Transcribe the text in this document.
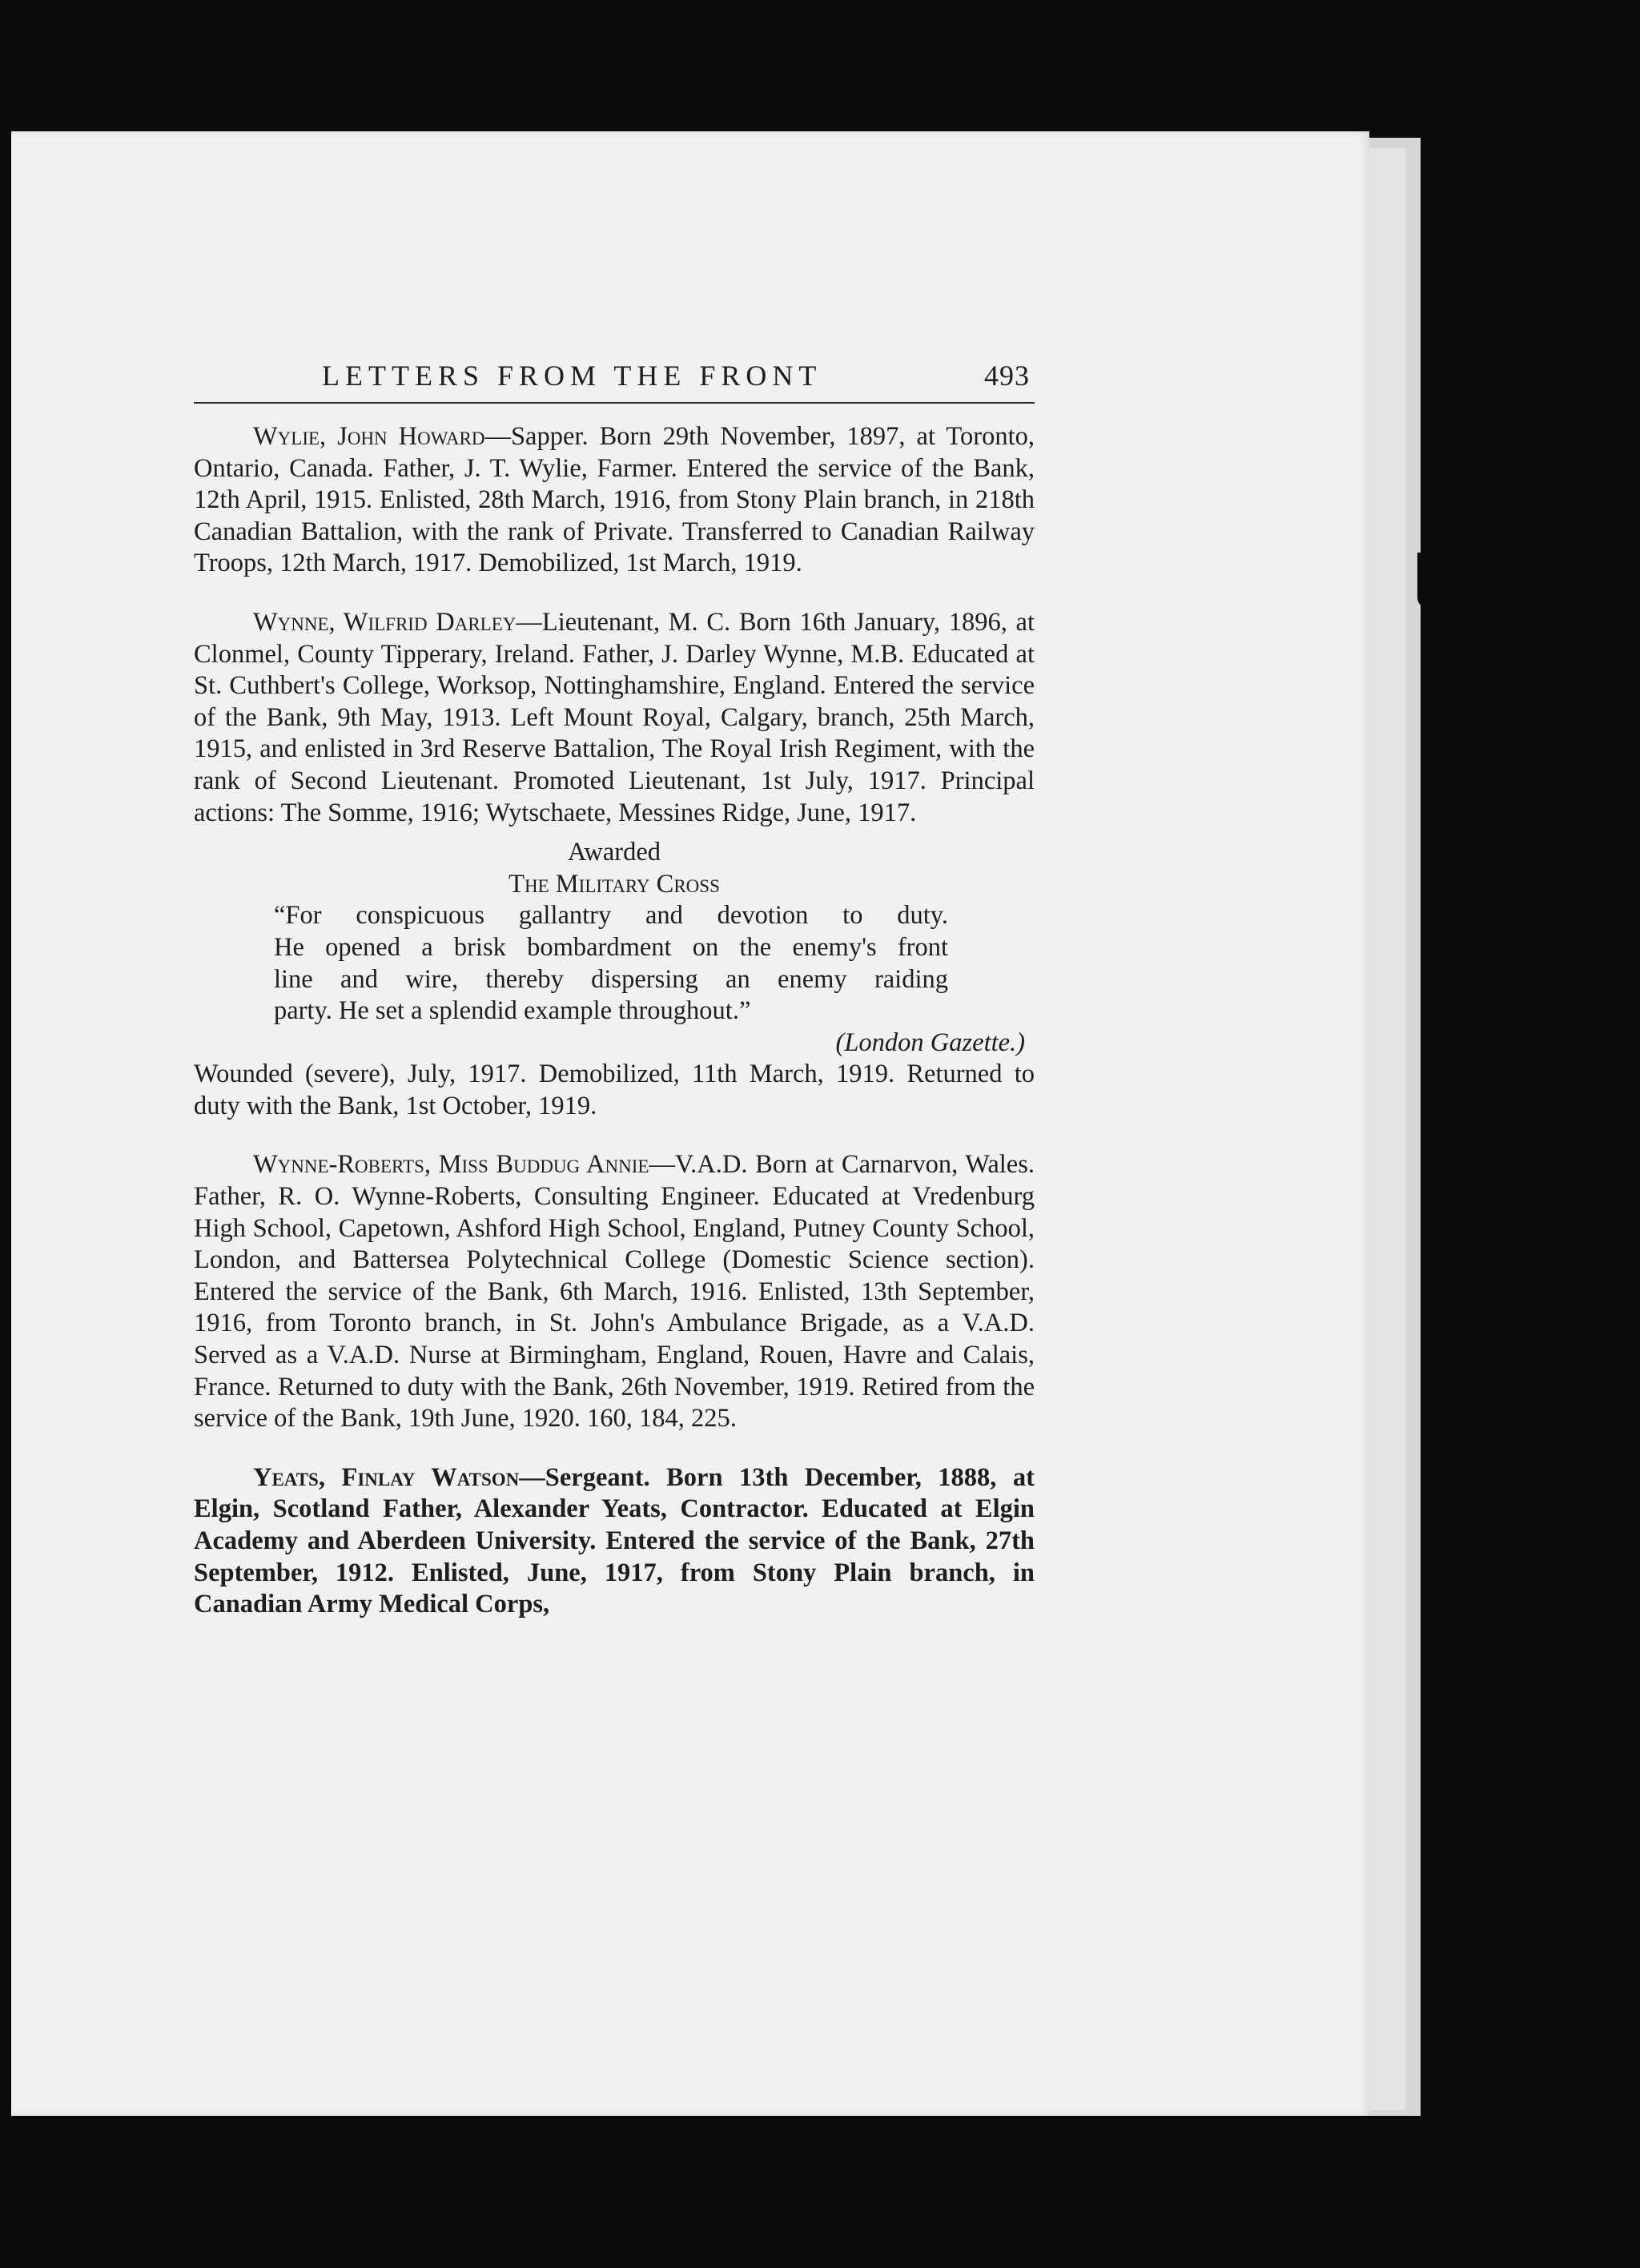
LETTERS FROM THE FRONT	493

Wylie, John Howard—Sapper. Born 29th November, 1897, at Toronto, Ontario, Canada. Father, J. T. Wylie, Farmer. Entered the service of the Bank, 12th April, 1915. Enlisted, 28th March, 1916, from Stony Plain branch, in 218th Canadian Battalion, with the rank of Private. Transferred to Canadian Railway Troops, 12th March, 1917. Demobilized, 1st March, 1919.

Wynne, Wilfrid Darley—Lieutenant, M. C. Born 16th January, 1896, at Clonmel, County Tipperary, Ireland. Father, J. Darley Wynne, M.B. Educated at St. Cuthbert's College, Worksop, Nottinghamshire, England. Entered the service of the Bank, 9th May, 1913. Left Mount Royal, Calgary, branch, 25th March, 1915, and enlisted in 3rd Reserve Battalion, The Royal Irish Regiment, with the rank of Second Lieutenant. Promoted Lieutenant, 1st July, 1917. Principal actions: The Somme, 1916; Wytschaete, Messines Ridge, June, 1917.

Awarded
The Military Cross
“For conspicuous gallantry and devotion to duty.
He opened a brisk bombardment on the enemy's front
line and wire, thereby dispersing an enemy raiding
party. He set a splendid example throughout.”
(London Gazette.)

Wounded (severe), July, 1917. Demobilized, 11th March, 1919. Returned to duty with the Bank, 1st October, 1919.

Wynne-Roberts, Miss Buddug Annie—V.A.D. Born at Carnarvon, Wales. Father, R. O. Wynne-Roberts, Consulting Engineer. Educated at Vredenburg High School, Capetown, Ashford High School, England, Putney County School, London, and Battersea Polytechnical College (Domestic Science section). Entered the service of the Bank, 6th March, 1916. Enlisted, 13th September, 1916, from Toronto branch, in St. John's Ambulance Brigade, as a V.A.D. Served as a V.A.D. Nurse at Birmingham, England, Rouen, Havre and Calais, France. Returned to duty with the Bank, 26th November, 1919. Retired from the service of the Bank, 19th June, 1920. 160, 184, 225.

Yeats, Finlay Watson—Sergeant. Born 13th December, 1888, at Elgin, Scotland Father, Alexander Yeats, Contractor. Educated at Elgin Academy and Aberdeen University. Entered the service of the Bank, 27th September, 1912. Enlisted, June, 1917, from Stony Plain branch, in Canadian Army Medical Corps,
